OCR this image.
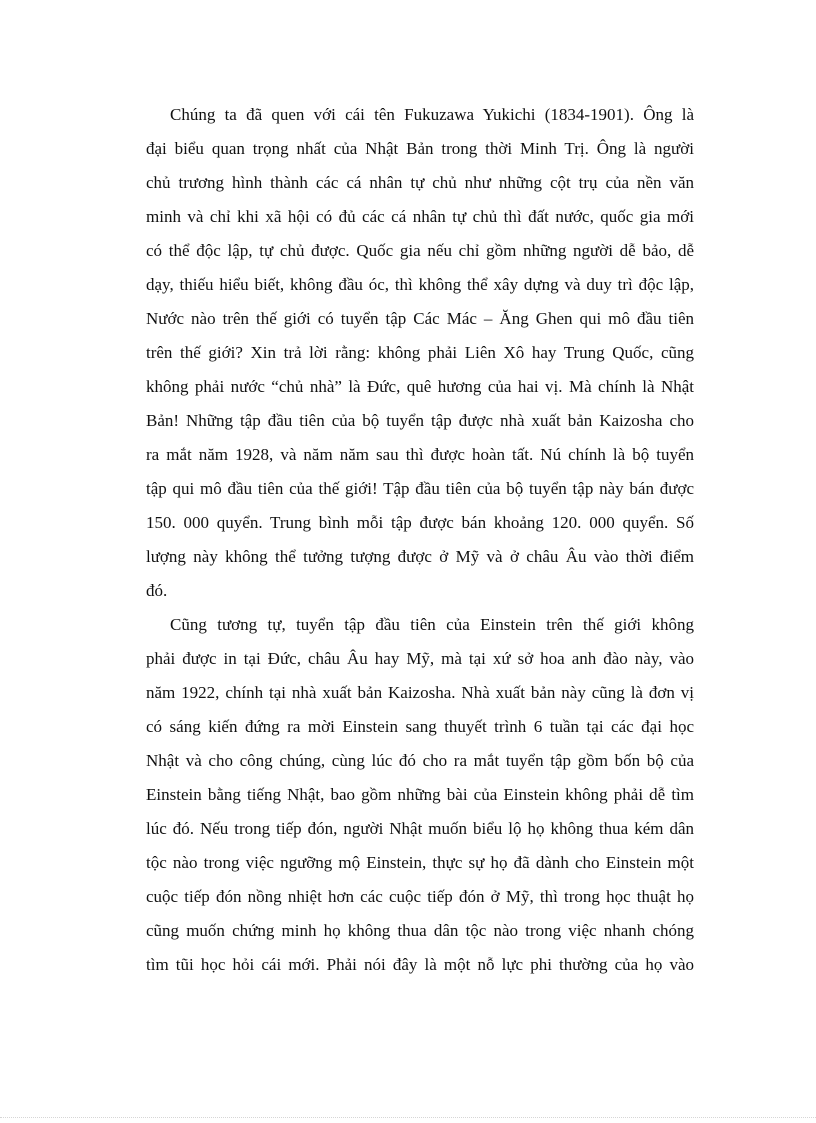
Chúng ta đã quen với cái tên Fukuzawa Yukichi (1834-1901). Ông là
đại biểu quan trọng nhất của Nhật Bản trong thời Minh Trị. Ông là người
chủ trương hình thành các cá nhân tự chủ như những cột trụ của nền văn
minh và chỉ khi xã hội có đủ các cá nhân tự chủ thì đất nước, quốc gia mới
có thể độc lập, tự chủ được. Quốc gia nếu chỉ gồm những người dễ bảo, dễ
dạy, thiếu hiểu biết, không đầu óc, thì không thể xây dựng và duy trì độc lập,
Nước nào trên thế giới có tuyển tập Các Mác – Ăng Ghen qui mô đầu tiên
trên thế giới? Xin trả lời rằng: không phải Liên Xô hay Trung Quốc, cũng
không phải nước “chủ nhà” là Đức, quê hương của hai vị. Mà chính là Nhật
Bản! Những tập đầu tiên của bộ tuyển tập được nhà xuất bản Kaizosha cho
ra mắt năm 1928, và năm năm sau thì được hoàn tất. Nú chính là bộ tuyển
tập qui mô đầu tiên của thế giới! Tập đầu tiên của bộ tuyển tập này bán được
150. 000 quyển. Trung bình mỗi tập được bán khoảng 120. 000 quyển. Số
lượng này không thể tưởng tượng được ở Mỹ và ở châu Âu vào thời điểm
đó.
Cũng tương tự, tuyển tập đầu tiên của Einstein trên thế giới không
phải được in tại Đức, châu Âu hay Mỹ, mà tại xứ sở hoa anh đào này, vào
năm 1922, chính tại nhà xuất bản Kaizosha. Nhà xuất bản này cũng là đơn vị
có sáng kiến đứng ra mời Einstein sang thuyết trình 6 tuần tại các đại học
Nhật và cho công chúng, cùng lúc đó cho ra mắt tuyển tập gồm bốn bộ của
Einstein bằng tiếng Nhật, bao gồm những bài của Einstein không phải dễ tìm
lúc đó. Nếu trong tiếp đón, người Nhật muốn biểu lộ họ không thua kém dân
tộc nào trong việc ngưỡng mộ Einstein, thực sự họ đã dành cho Einstein một
cuộc tiếp đón nồng nhiệt hơn các cuộc tiếp đón ở Mỹ, thì trong học thuật họ
cũng muốn chứng minh họ không thua dân tộc nào trong việc nhanh chóng
tìm tũi học hỏi cái mới. Phải nói đây là một nỗ lực phi thường của họ vào
